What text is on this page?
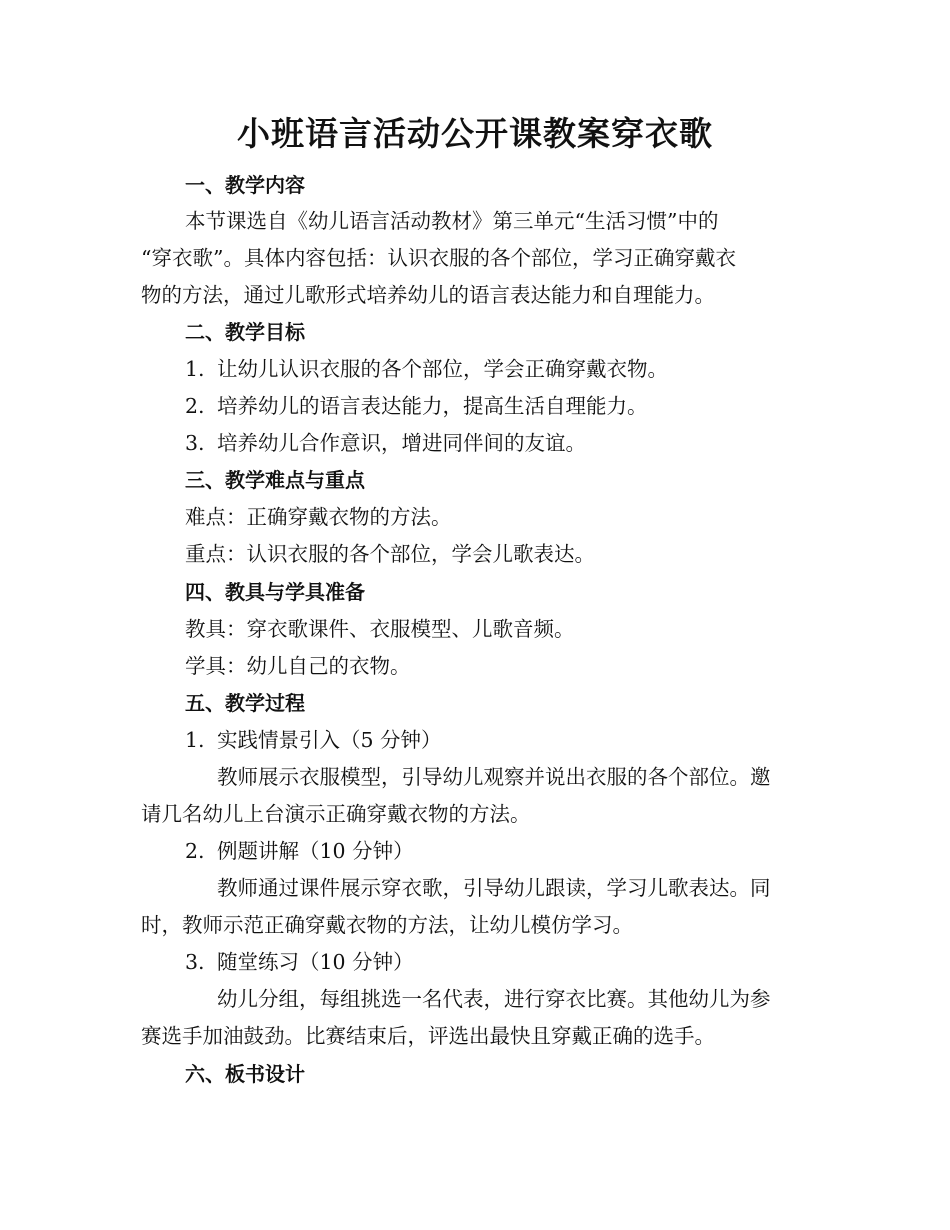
小班语言活动公开课教案穿衣歌
一、教学内容
本节课选自《幼儿语言活动教材》第三单元“生活习惯”中的
“穿衣歌”。具体内容包括：认识衣服的各个部位，学习正确穿戴衣
物的方法，通过儿歌形式培养幼儿的语言表达能力和自理能力。
二、教学目标
1. 让幼儿认识衣服的各个部位，学会正确穿戴衣物。
2. 培养幼儿的语言表达能力，提高生活自理能力。
3. 培养幼儿合作意识，增进同伴间的友谊。
三、教学难点与重点
难点：正确穿戴衣物的方法。
重点：认识衣服的各个部位，学会儿歌表达。
四、教具与学具准备
教具：穿衣歌课件、衣服模型、儿歌音频。
学具：幼儿自己的衣物。
五、教学过程
1. 实践情景引入（5 分钟）
教师展示衣服模型，引导幼儿观察并说出衣服的各个部位。邀
请几名幼儿上台演示正确穿戴衣物的方法。
2. 例题讲解（10 分钟）
教师通过课件展示穿衣歌，引导幼儿跟读，学习儿歌表达。同
时，教师示范正确穿戴衣物的方法，让幼儿模仿学习。
3. 随堂练习（10 分钟）
幼儿分组，每组挑选一名代表，进行穿衣比赛。其他幼儿为参
赛选手加油鼓劲。比赛结束后，评选出最快且穿戴正确的选手。
六、板书设计
